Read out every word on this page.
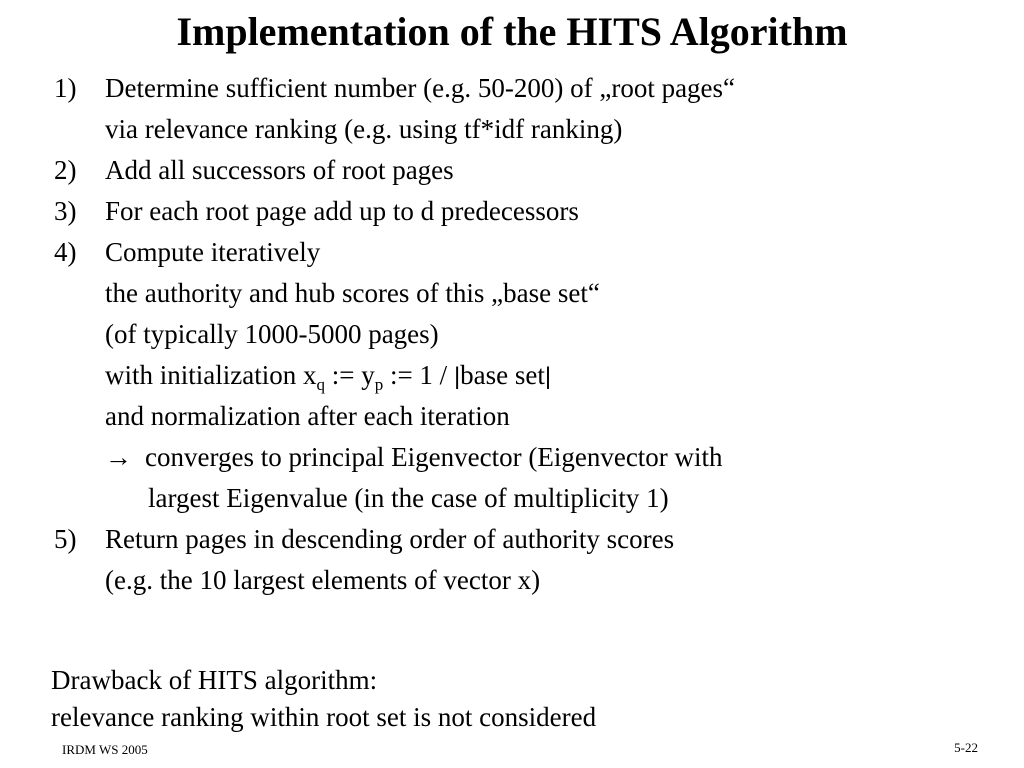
Implementation of the HITS Algorithm
1) Determine sufficient number (e.g. 50-200) of „root pages“
via relevance ranking (e.g. using tf*idf ranking)
2) Add all successors of root pages
3) For each root page add up to d predecessors
4) Compute iteratively
the authority and hub scores of this „base set“
(of typically 1000-5000 pages)
with initialization $x_q$ := $y_p$ := 1 / |base set|
and normalization after each iteration
→ converges to principal Eigenvector (Eigenvector with
largest Eigenvalue (in the case of multiplicity 1)
5) Return pages in descending order of authority scores
(e.g. the 10 largest elements of vector x)
Drawback of HITS algorithm:
relevance ranking within root set is not considered
IRDM WS 2005	5-22
